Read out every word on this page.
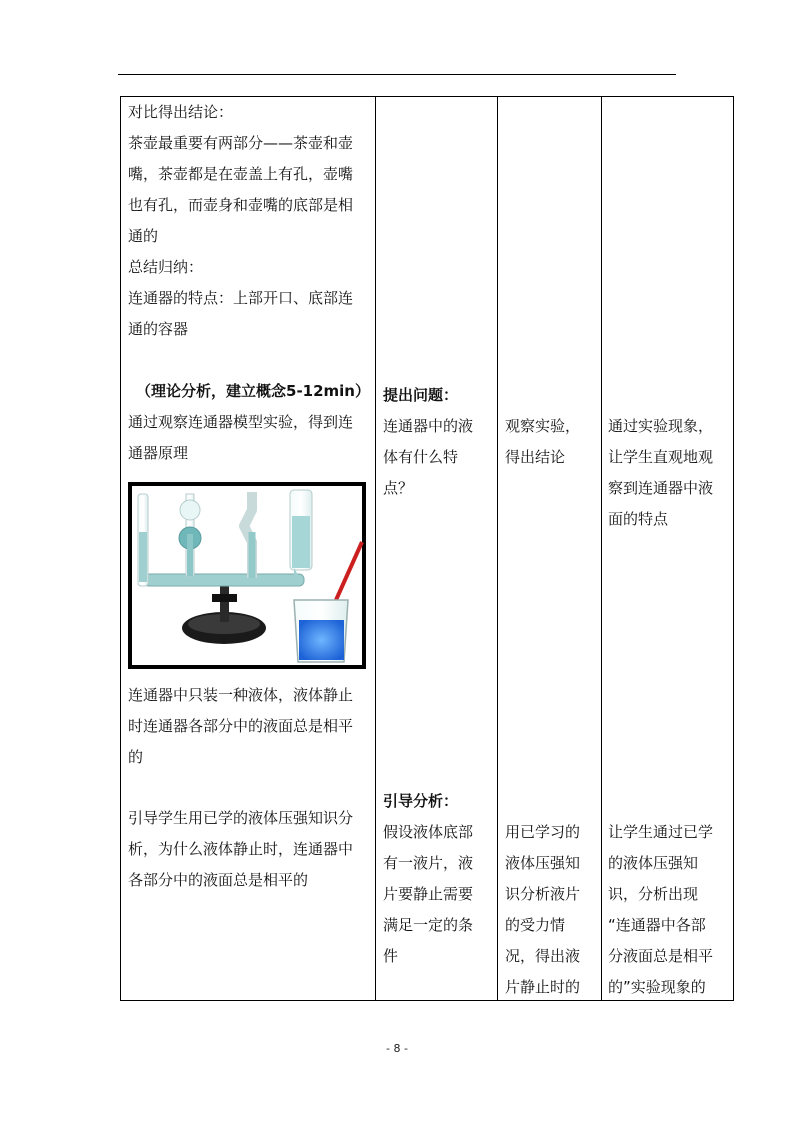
对比得出结论：

茶壶最重要有两部分——茶壶和壶

嘴，茶壶都是在壶盖上有孔，壶嘴

也有孔，而壶身和壶嘴的底部是相

通的

总结归纳：

连通器的特点：上部开口、底部连

通的容器

（理论分析，建立概念5-12min）

通过观察连通器模型实验，得到连

通器原理

连通器中只装一种液体，液体静止

时连通器各部分中的液面总是相平

的

引导学生用已学的液体压强知识分

析，为什么液体静止时，连通器中

各部分中的液面总是相平的

提出问题：

连通器中的液

体有什么特

点？

引导分析：

假设液体底部

有一液片，液

片要静止需要

满足一定的条

件

观察实验，

得出结论

用已学习的

液体压强知

识分析液片

的受力情

况，得出液

片静止时的

通过实验现象，

让学生直观地观

察到连通器中液

面的特点

让学生通过已学

的液体压强知

识，分析出现

“连通器中各部

分液面总是相平

的”实验现象的

- 8 -
